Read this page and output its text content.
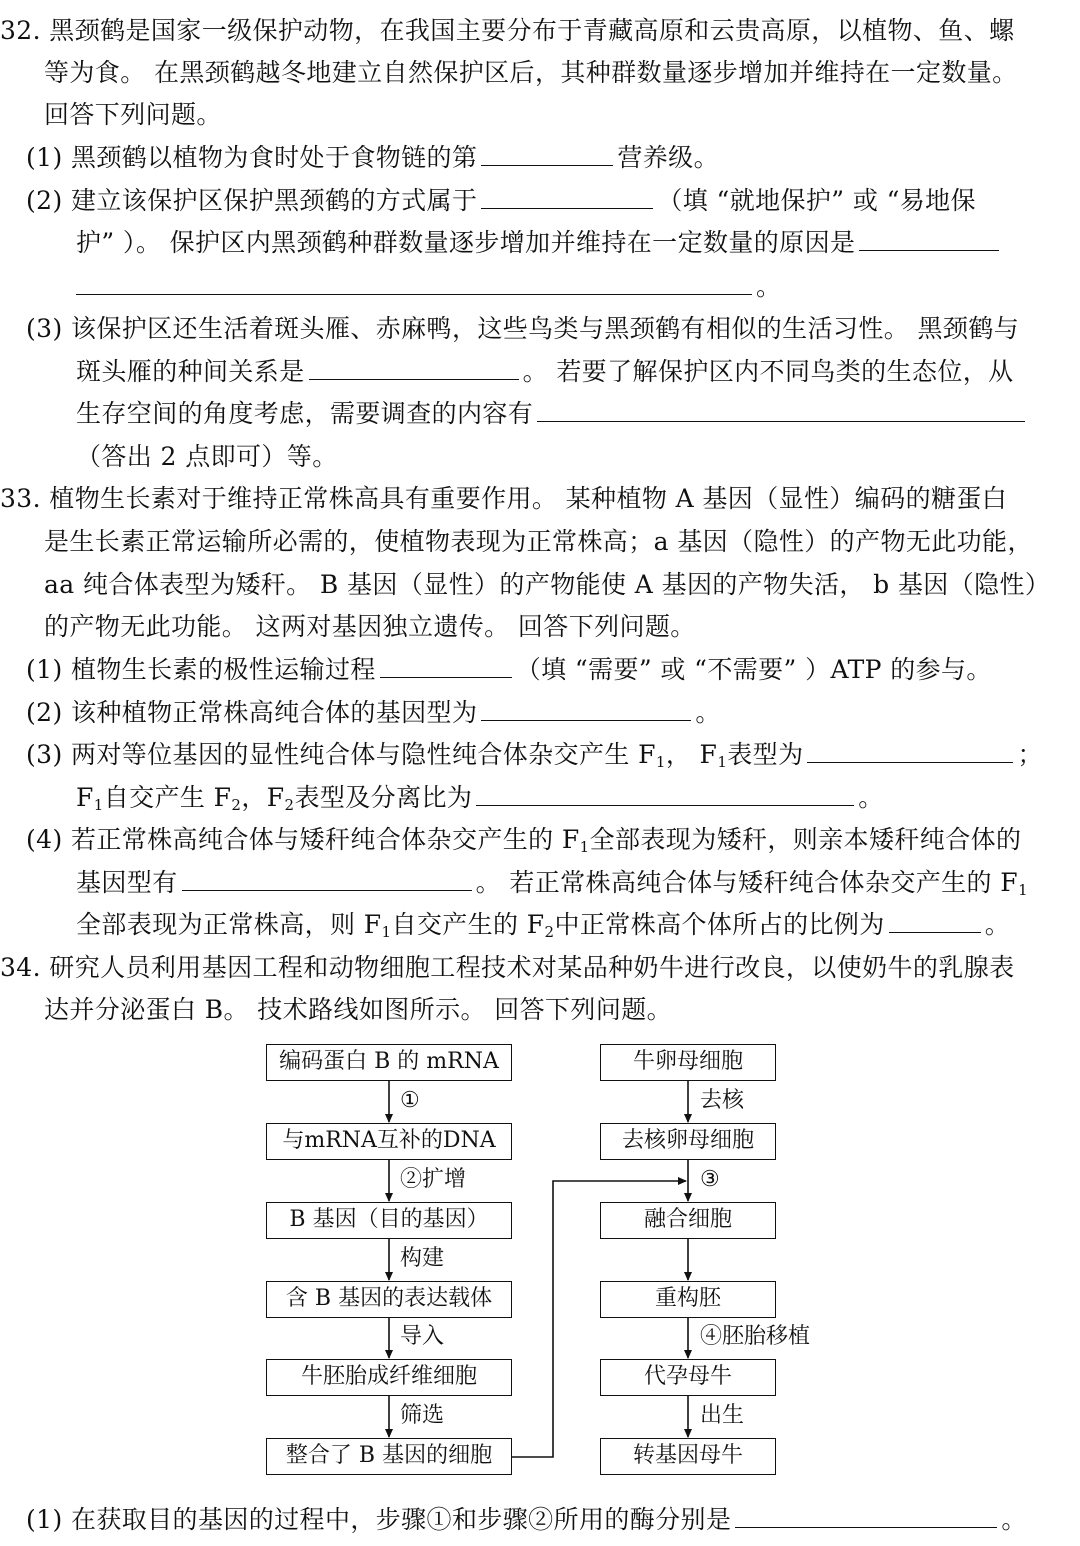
32. 黑颈鹤是国家一级保护动物，在我国主要分布于青藏高原和云贵高原，以植物、鱼、螺
等为食。 在黑颈鹤越冬地建立自然保护区后，其种群数量逐步增加并维持在一定数量。
回答下列问题。
(1) 黑颈鹤以植物为食时处于食物链的第	营养级。
(2) 建立该保护区保护黑颈鹤的方式属于	（填 “就地保护” 或 “易地保
护” ）。 保护区内黑颈鹤种群数量逐步增加并维持在一定数量的原因是
。
(3) 该保护区还生活着斑头雁、赤麻鸭，这些鸟类与黑颈鹤有相似的生活习性。 黑颈鹤与
斑头雁的种间关系是	。 若要了解保护区内不同鸟类的生态位，从
生存空间的角度考虑，需要调查的内容有
（答出 2 点即可）等。
33. 植物生长素对于维持正常株高具有重要作用。 某种植物 A 基因（显性）编码的糖蛋白
是生长素正常运输所必需的，使植物表现为正常株高；a 基因（隐性）的产物无此功能，
aa 纯合体表型为矮秆。 B 基因（显性）的产物能使 A 基因的产物失活， b 基因（隐性）
的产物无此功能。 这两对基因独立遗传。 回答下列问题。
(1) 植物生长素的极性运输过程	（填 “需要” 或 “不需要” ）ATP 的参与。
(2) 该种植物正常株高纯合体的基因型为	。
(3) 两对等位基因的显性纯合体与隐性纯合体杂交产生 $F_1$， $F_1$表型为	；
$F_1$自交产生 $F_2$，$F_2$表型及分离比为	。
(4) 若正常株高纯合体与矮秆纯合体杂交产生的 $F_1$全部表现为矮秆，则亲本矮秆纯合体的
基因型有	。 若正常株高纯合体与矮秆纯合体杂交产生的 $F_1$
全部表现为正常株高，则 $F_1$自交产生的 $F_2$中正常株高个体所占的比例为	。
34. 研究人员利用基因工程和动物细胞工程技术对某品种奶牛进行改良，以使奶牛的乳腺表
达并分泌蛋白 B。 技术路线如图所示。 回答下列问题。
编码蛋白 B 的 mRNA
与mRNA互补的DNA
B 基因（目的基因）
含 B 基因的表达载体
牛胚胎成纤维细胞
整合了 B 基因的细胞
①
②扩增
构建
导入
筛选
牛卵母细胞
去核卵母细胞
融合细胞
重构胚
代孕母牛
转基因母牛
去核
③
④胚胎移植
出生
(1) 在获取目的基因的过程中，步骤①和步骤②所用的酶分别是	。
